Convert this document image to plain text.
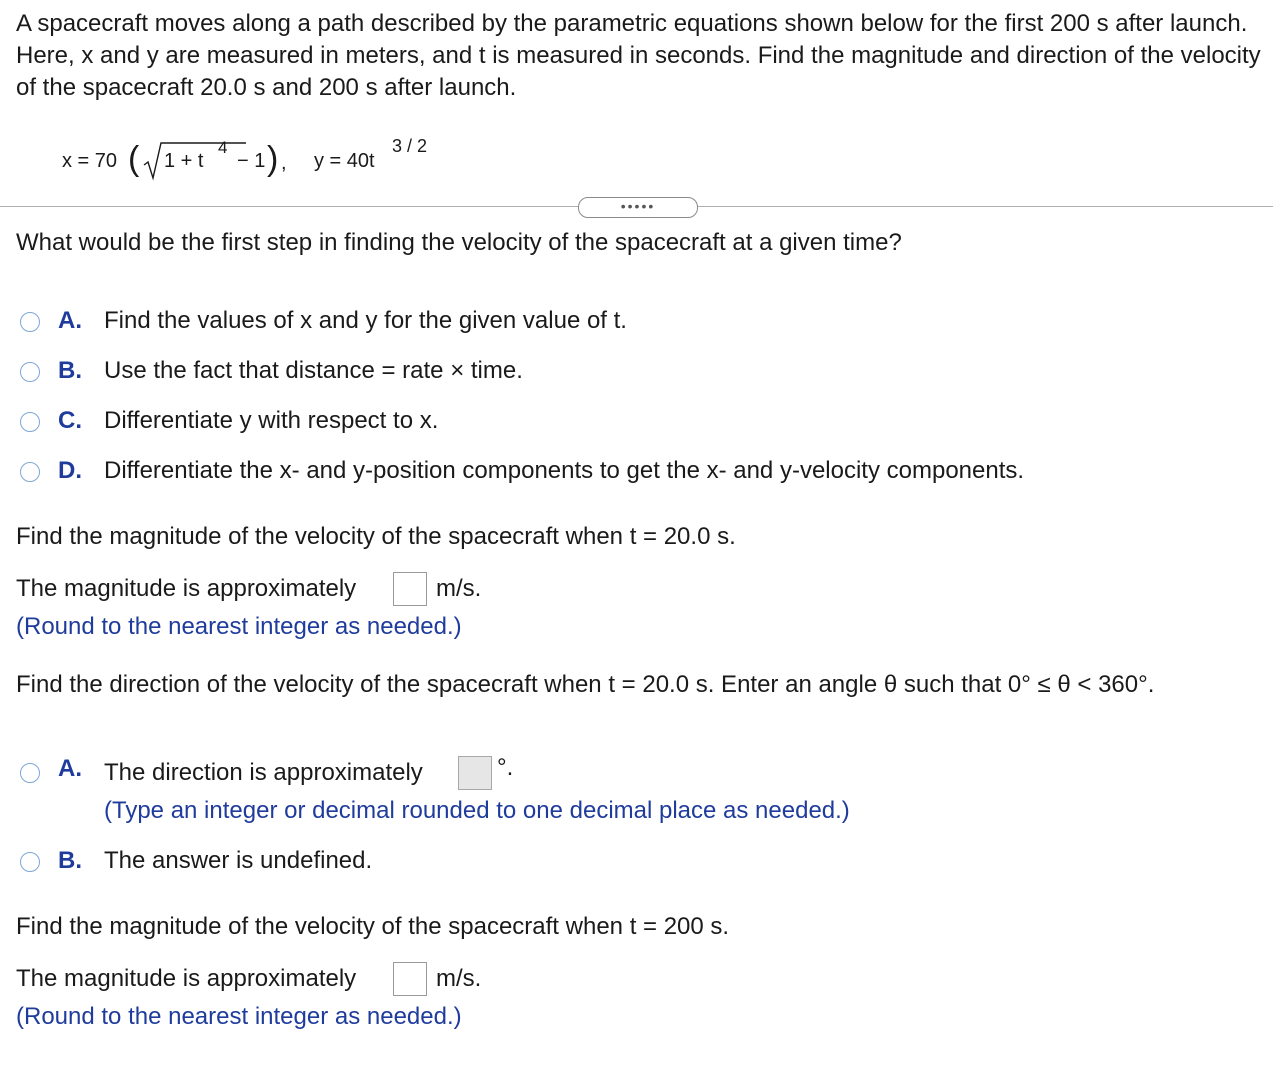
A spacecraft moves along a path described by the parametric equations shown below for the first 200 s after launch. Here, x and y are measured in meters, and t is measured in seconds. Find the magnitude and direction of the velocity of the spacecraft 20.0 s and 200 s after launch.
x = 70 ( 1 + t
4
− 1 ) , y = 40t
3 / 2
•••••
What would be the first step in finding the velocity of the spacecraft at a given time?
A. Find the values of x and y for the given value of t.
B. Use the fact that distance = rate × time.
C. Differentiate y with respect to x.
D. Differentiate the x- and y-position components to get the x- and y-velocity components.
Find the magnitude of the velocity of the spacecraft when t = 20.0 s.
The magnitude is approximately	m/s.
(Round to the nearest integer as needed.)
Find the direction of the velocity of the spacecraft when t = 20.0 s. Enter an angle θ such that 0° ≤ θ < 360°.
A. The direction is approximately	°.
(Type an integer or decimal rounded to one decimal place as needed.)
B. The answer is undefined.
Find the magnitude of the velocity of the spacecraft when t = 200 s.
The magnitude is approximately	m/s.
(Round to the nearest integer as needed.)
